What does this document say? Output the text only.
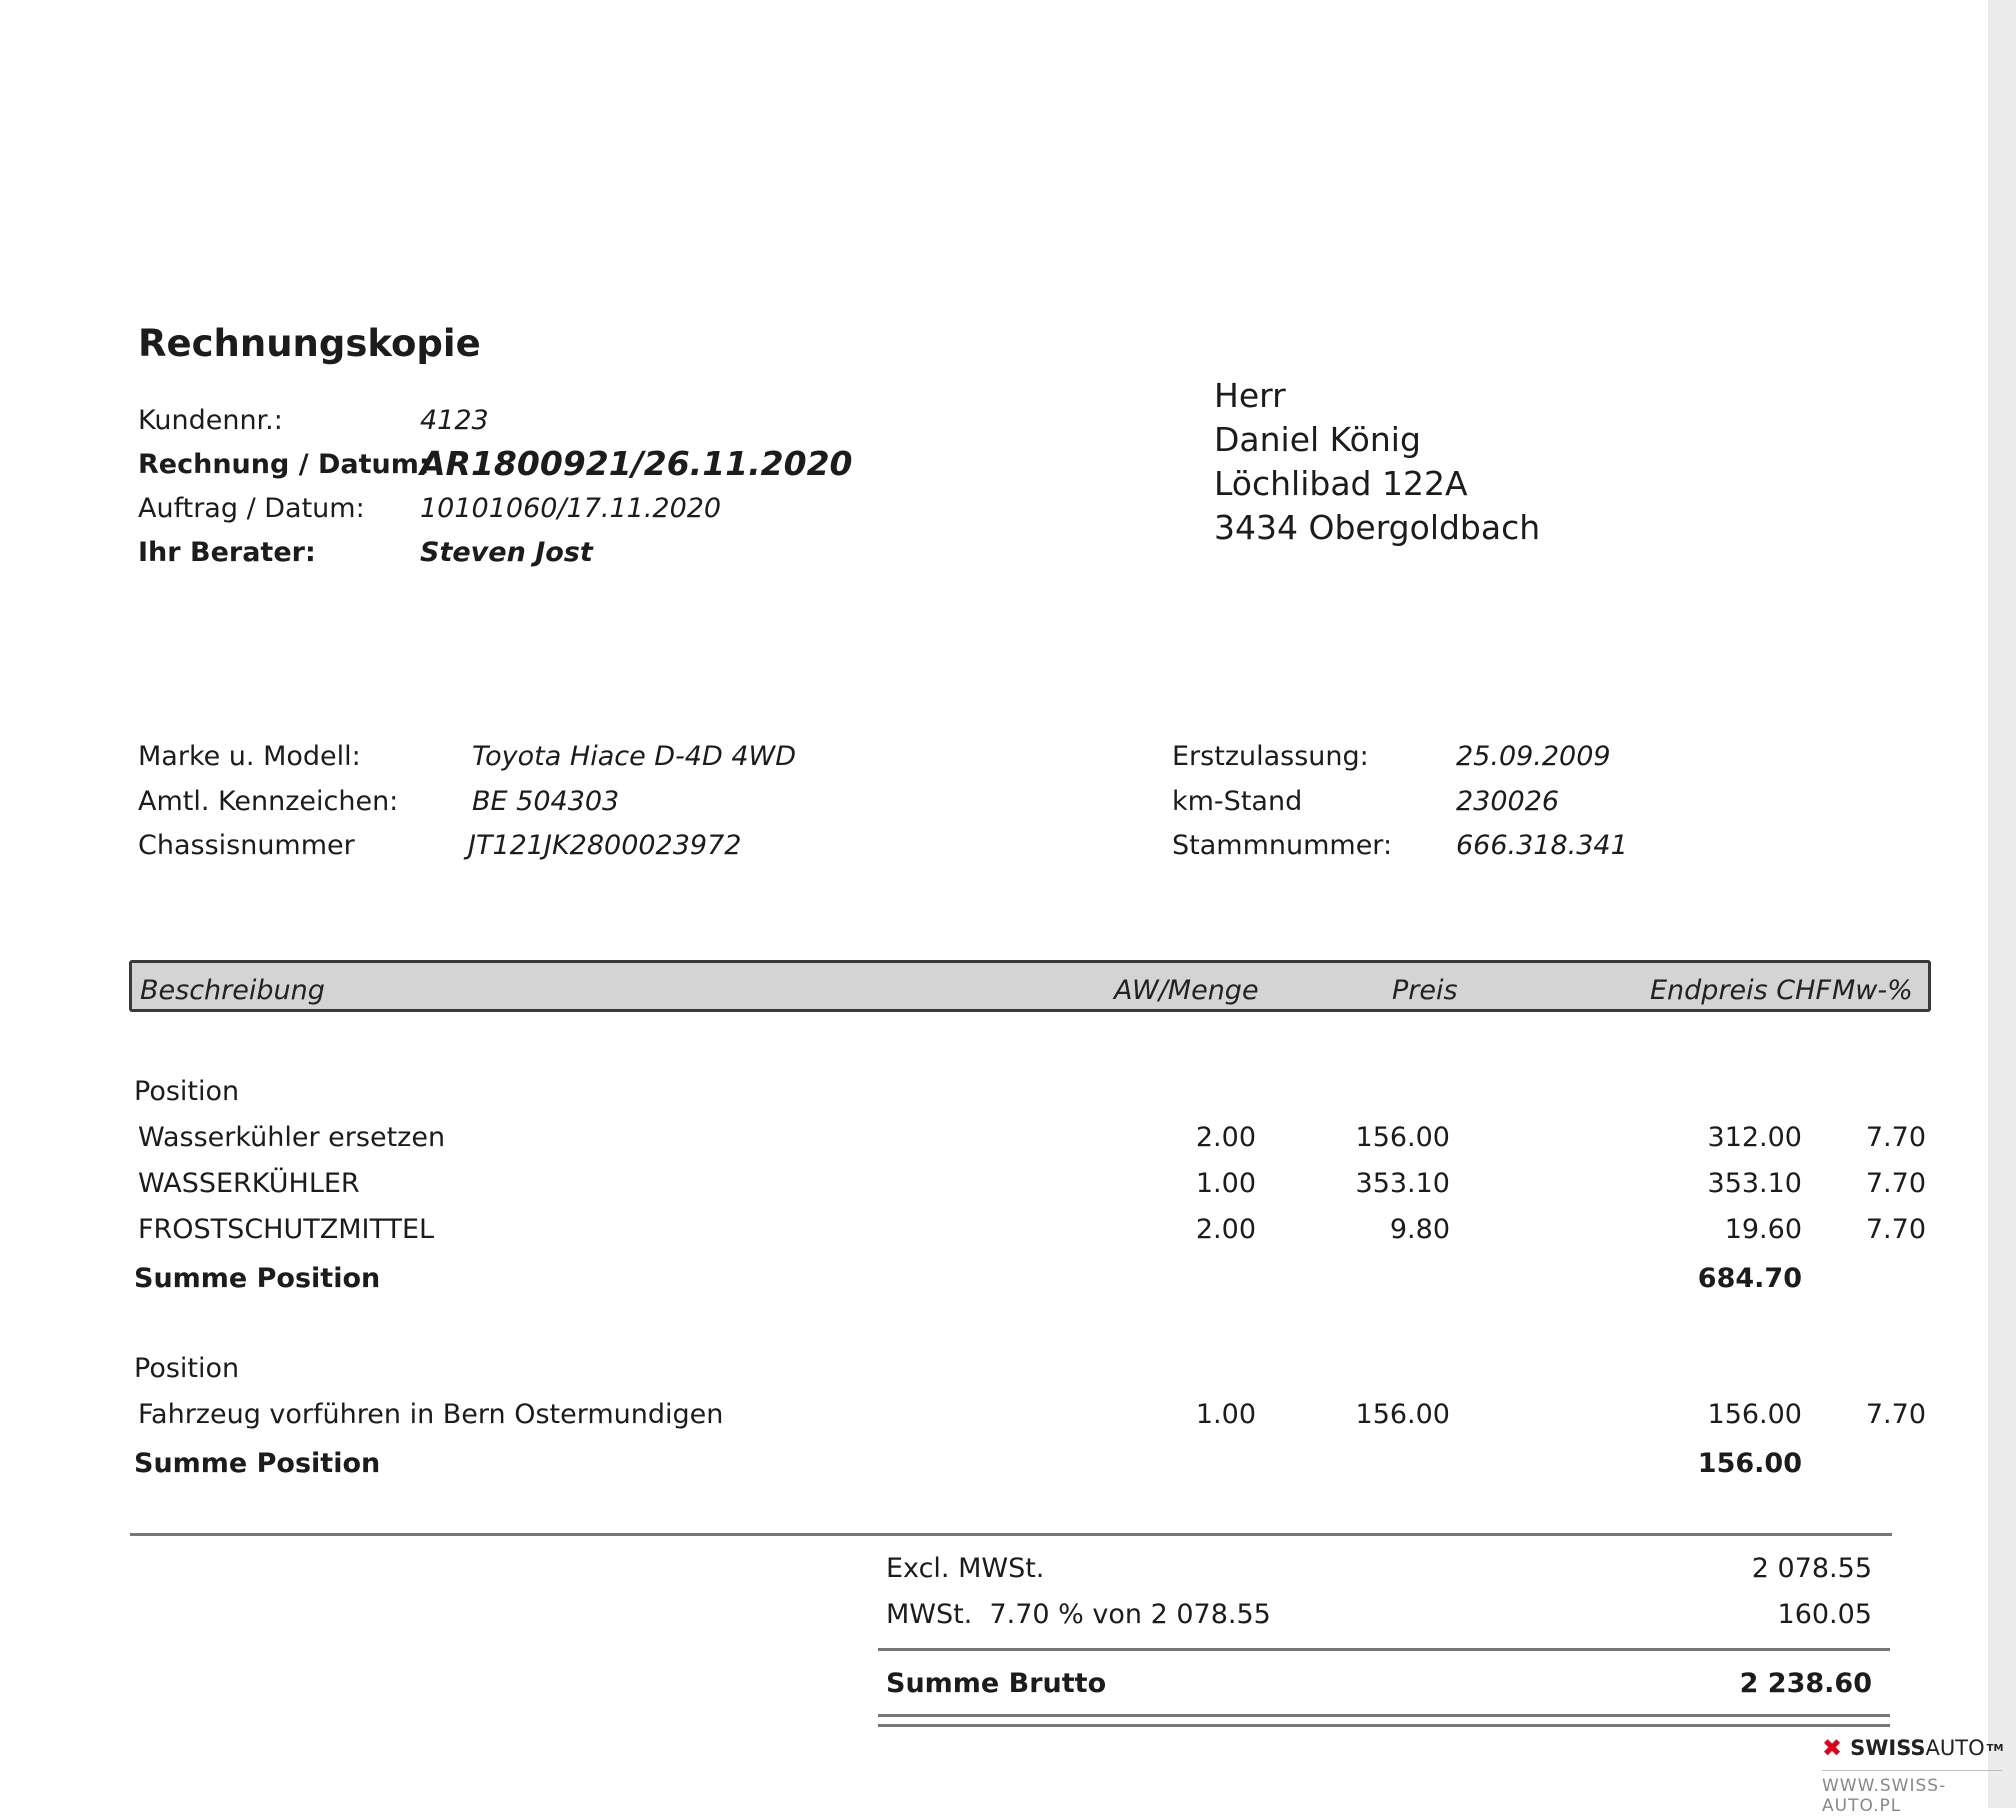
Rechnungskopie
Kundennr.:	4123
Rechnung / Datum:
AR1800921/26.11.2020
Auftrag / Datum: 10101060/17.11.2020
Ihr Berater:	Steven Jost
Herr
Daniel König
Löchlibad 122A
3434 Obergoldbach
Marke u. Modell:	Toyota Hiace D-4D 4WD
Amtl. Kennzeichen:	BE 504303
Chassisnummer	JT121JK2800023972
Erstzulassung:	25.09.2009
km-Stand	230026
Stammnummer: 666.318.341
Beschreibung	AW/Menge	Preis	Endpreis CHF Mw-%
Position
Wasserkühler ersetzen	2.00	156.00	312.00 7.70
WASSERKÜHLER	1.00	353.10	353.10 7.70
FROSTSCHUTZMITTEL	2.00	9.80	19.60 7.70
Summe Position	684.70
Position
Fahrzeug vorführen in Bern Ostermundigen	1.00	156.00	156.00 7.70
Summe Position	156.00
Excl. MWSt.	2 078.55
MWSt.  7.70 % von 2 078.55	160.05
Summe Brutto	2 238.60
✖ SWISS AUTO TM
WWW.SWISS-AUTO.PL
